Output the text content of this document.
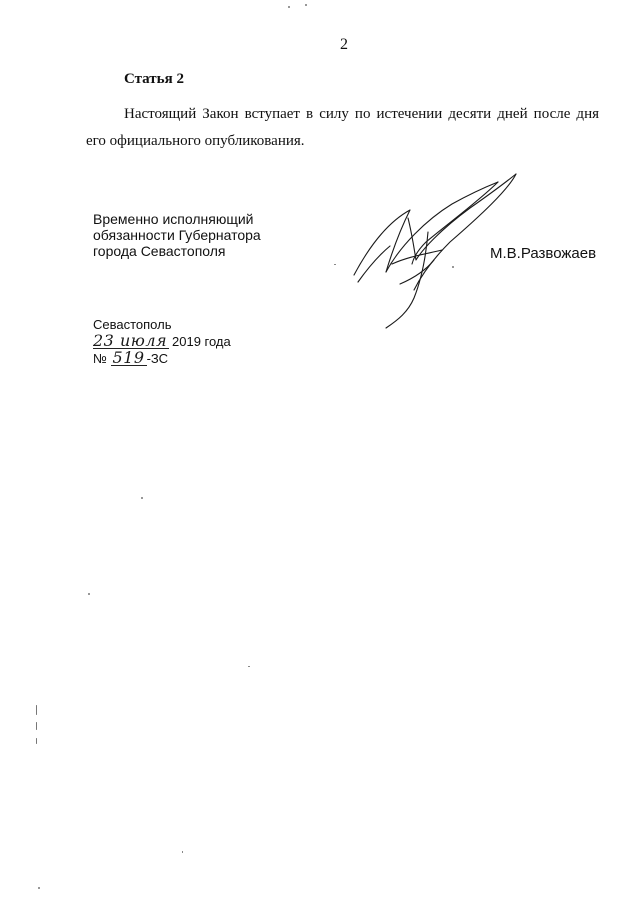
2
Статья 2
Настоящий Закон вступает в силу по истечении десяти дней после дня его официального опубликования.
Временно исполняющий
обязанности Губернатора
города Севастополя	М.В.Развожаев
Севастополь
23 июля 2019 года
№ 519 -ЗС
